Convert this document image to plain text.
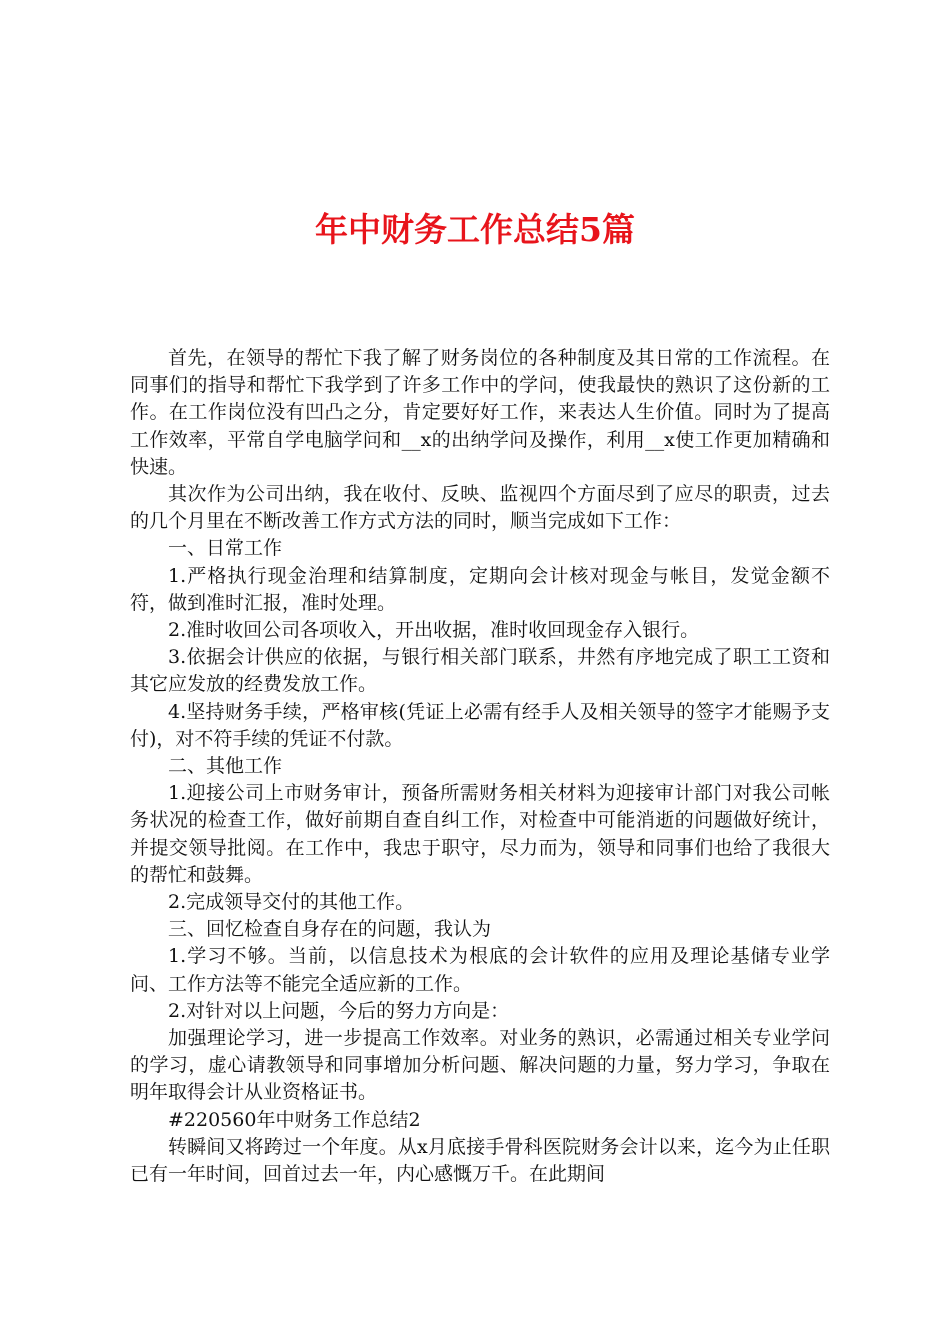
年中财务工作总结5篇

首先，在领导的帮忙下我了解了财务岗位的各种制度及其日常的工作流程。在同事们的指导和帮忙下我学到了许多工作中的学问，使我最快的熟识了这份新的工作。在工作岗位没有凹凸之分，肯定要好好工作，来表达人生价值。同时为了提高工作效率，平常自学电脑学问和__x的出纳学问及操作，利用__x使工作更加精确和快速。

其次作为公司出纳，我在收付、反映、监视四个方面尽到了应尽的职责，过去的几个月里在不断改善工作方式方法的同时，顺当完成如下工作：

一、日常工作

1.严格执行现金治理和结算制度，定期向会计核对现金与帐目，发觉金额不符，做到准时汇报，准时处理。

2.准时收回公司各项收入，开出收据，准时收回现金存入银行。

3.依据会计供应的依据，与银行相关部门联系，井然有序地完成了职工工资和其它应发放的经费发放工作。

4.坚持财务手续，严格审核(凭证上必需有经手人及相关领导的签字才能赐予支付)，对不符手续的凭证不付款。

二、其他工作

1.迎接公司上市财务审计，预备所需财务相关材料为迎接审计部门对我公司帐务状况的检查工作，做好前期自查自纠工作，对检查中可能消逝的问题做好统计，并提交领导批阅。在工作中，我忠于职守，尽力而为，领导和同事们也给了我很大的帮忙和鼓舞。

2.完成领导交付的其他工作。

三、回忆检查自身存在的问题，我认为

1.学习不够。当前，以信息技术为根底的会计软件的应用及理论基储专业学问、工作方法等不能完全适应新的工作。

2.对针对以上问题，今后的努力方向是：

加强理论学习，进一步提高工作效率。对业务的熟识，必需通过相关专业学问的学习，虚心请教领导和同事增加分析问题、解决问题的力量，努力学习，争取在明年取得会计从业资格证书。

#220560年中财务工作总结2

转瞬间又将跨过一个年度。从x月底接手骨科医院财务会计以来，迄今为止任职已有一年时间，回首过去一年，内心感慨万千。在此期间
